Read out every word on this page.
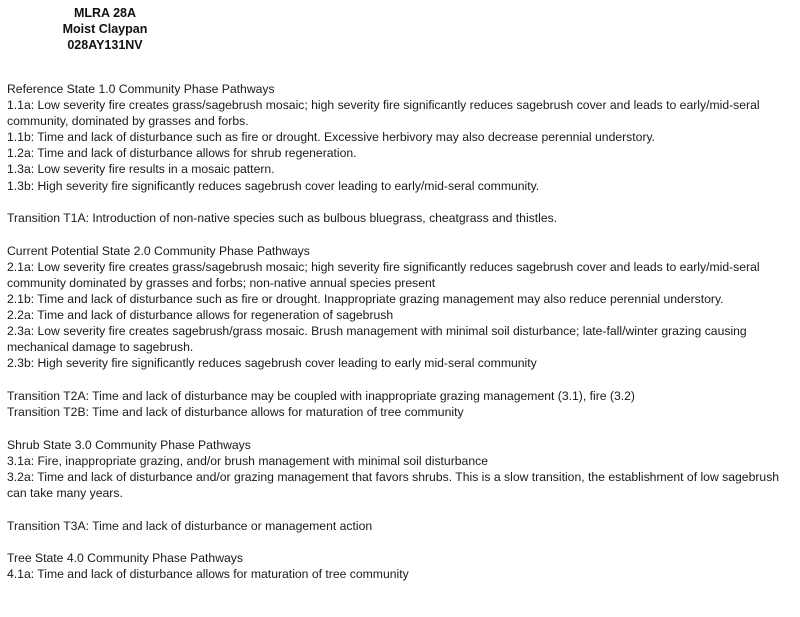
MLRA 28A
Moist Claypan
028AY131NV
Reference State 1.0 Community Phase Pathways
1.1a: Low severity fire creates grass/sagebrush mosaic; high severity fire significantly reduces sagebrush cover and leads to early/mid-seral community, dominated by grasses and forbs.
1.1b: Time and lack of disturbance such as fire or drought. Excessive herbivory may also decrease perennial understory.
1.2a: Time and lack of disturbance allows for shrub regeneration.
1.3a: Low severity fire results in a mosaic pattern.
1.3b: High severity fire significantly reduces sagebrush cover leading to early/mid-seral community.
Transition T1A: Introduction of non-native species such as bulbous bluegrass, cheatgrass and thistles.
Current Potential State 2.0 Community Phase Pathways
2.1a: Low severity fire creates grass/sagebrush mosaic; high severity fire significantly reduces sagebrush cover and leads to early/mid-seral community dominated by grasses and forbs; non-native annual species present
2.1b: Time and lack of disturbance such as fire or drought. Inappropriate grazing management may also reduce perennial understory.
2.2a: Time and lack of disturbance allows for regeneration of sagebrush
2.3a: Low severity fire creates sagebrush/grass mosaic. Brush management with minimal soil disturbance; late-fall/winter grazing causing mechanical damage to sagebrush.
2.3b: High severity fire significantly reduces sagebrush cover leading to early mid-seral community
Transition T2A: Time and lack of disturbance may be coupled with inappropriate grazing management (3.1), fire (3.2)
Transition T2B: Time and lack of disturbance allows for maturation of tree community
Shrub State 3.0 Community Phase Pathways
3.1a: Fire, inappropriate grazing, and/or brush management with minimal soil disturbance
3.2a: Time and lack of disturbance and/or grazing management that favors shrubs. This is a slow transition, the establishment of low sagebrush can take many years.
Transition T3A: Time and lack of disturbance or management action
Tree State 4.0 Community Phase Pathways
4.1a: Time and lack of disturbance allows for maturation of tree community
